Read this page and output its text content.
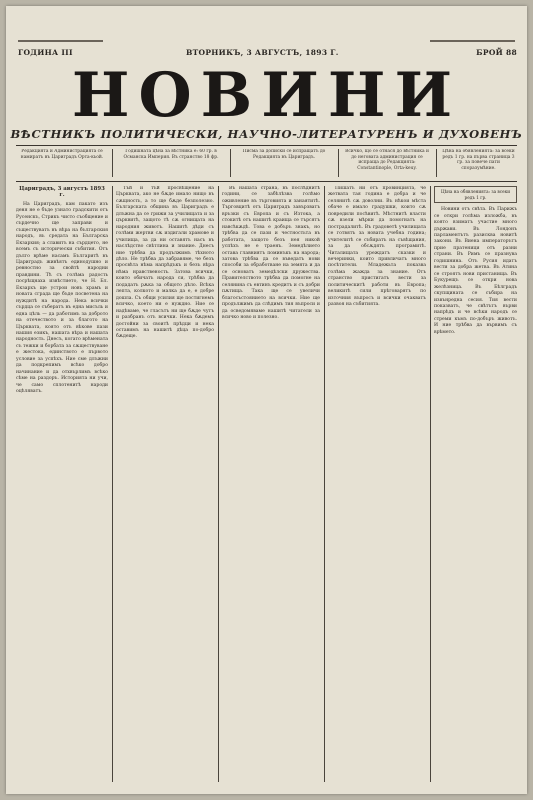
ГОДИНА III	ВТОРНИКЪ, 3 АВГУСТЪ, 1893 Г.	БРОЙ 88
НОВИНИ
ВѢСТНИКЪ ПОЛИТИЧЕСКИ, НАУЧНО-ЛИТЕРАТУРЕНЪ И ДУХОВЕНЪ
Редакцията и Администрацията се намиратъ въ Цариградъ Орта-кьой.
Годишната цѣна за вѣстника е: 60 гр. в Османска Империя. Въ странство 18 фр.
Писма за дописки се испращатъ до Редакцията въ Цариградъ.
Всичко, що се отнася до вѣстника и до неговата администрация се испраща до Редакцията: Constantinople, Orta-keuy.
Цѣна на обявленията: за всеки редъ 1 гр. на първа страница 3 гр. за повече пати споразумѣние.
Цариградъ, 3 августъ 1893 г.

На Цариградъ, кам пакато изъ деня не е бъде узнато градскити отъ Русенскъ, Стрикъ чисто съобщение и сърдечно ще заправи и съществуватъ въ вѣра на българския народъ, въ средата на Българска Екзархия; а славитъ на сърдцето, не всемъ съ исторически събития. Отъ дълго врѣме насамъ Българитѣ въ Цариградъ живѣятъ единодушно и ревностно за свойтѣ народни правдини. Тѣ съ голѣма радость посрѣщнаха извѣстието, че Н. Бл. Екзархъ ще устрои новъ храмъ и новата сграда ще бъде посветена на нуждитѣ на народа. Нека всички сърдца се събератъ въ една мисъль и една цѣль — да работимъ за доброто на отечеството и за благото на Църквата, която отъ вѣкове пази нашия езикъ, нашата вѣра и нашата народность. Днесъ, когато врѣмената съ тежки и борбата за сѫществуване е жестока, единството е първото условие за успѣхъ. Ние сме длъжни да подкрепимъ всѣко добро начинание и да отхвърлимъ всѣко сѣмe на раздоръ. Историята ни учи, че само сплотенитѣ народи оцѣляватъ.

Тъй и тъй просвѣщение на Църквата, ако не бѫде имало нищо въ сѫщность, а то ще бѫде безполезно. Българската община въ Цариградъ е длъжна да се грижи за училищата и за църквитѣ, защото тѣ сѫ огнищата на народния животъ. Нашитѣ дѣди съ голѣми жертви сѫ издигали храмове и училища, за да ни оставятъ насъ въ наслѣдство свѣтлина и знание. Днесъ ние трѣбва да продължимъ тѣхното дѣло. Не трѣбва да забравяме, че безъ просвѣта нѣма напрѣдъкъ и безъ вѣра нѣма нравственость. Затова всички, които обичатъ народа си, трѣбва да подадатъ рѫка за общото дѣло. Всѣка лепта, колкото и малка да е, е добре дошла. Съ общи усилия ще постигнемъ всичко, което ни е нуждно. Ние се надѣваме, че гласътъ ни ще бѫде чутъ и разбранъ отъ всички. Нека бѫдемъ достойни за своитѣ прѣдци и нека оставимъ на нашитѣ дѣца по-добро бѫдеще.

Въ нашата страна, въ послѣднитѣ години, се забѣлѣзва голѣмо оживление въ търговията и занаятитѣ. Търговцитѣ отъ Цариградъ завързватъ връзки съ Европа и съ Изтока, а стокитѣ отъ нашитѣ краища се търсятъ навсѣкѫдѣ. Това е добъръ знакъ, но трѣбва да се пази и честностьта въ работата, защото безъ нея никой успѣхъ не е траенъ. Земедѣлието остава главниятъ поминъкъ на народа; затова трѣбва да се въведатъ нови способи за обработване на земята и да се основатъ земедѣлски дружества. Правителството трѣбва да помогне на селянина съ евтинъ кредитъ и съ добри пѫтища. Така ще се увеличи благосъстоянието на всички. Ние ще продължимъ да слѣдимъ тия въпроси и да осведомяваме нашитѣ читатели за всичко ново и полезно.

Пишатъ ни отъ провинцията, че жетвата тая година е добра и че селянитѣ сѫ доволни. Въ нѣкои мѣста обаче е имало градушки, които сѫ повредили посѣвитѣ. Мѣстнитѣ власти сѫ взели мѣрки да помогнатъ на пострадалитѣ. Въ градоветѣ училищата се готвятъ за новата учебна година; учителитѣ се събиратъ на съвѣщания, за да обсѫдятъ програмитѣ. Читалищата уреждатъ сказки и вечеринки, които привличатъ много посѣтители. Младежьта показва голѣма жажда за знание. Отъ странство пристигатъ вести за политическитѣ работи въ Европа; великитѣ сили прѣговарятъ по източния въпросъ и всички очакватъ развоя на събитията.

Цѣна на обявленията: за всеки редъ 1 гр.

Новини отъ свѣта. Въ Парижъ се откри голѣма изложба, въ която взиматъ участие много държави. Въ Лондонъ парламентътъ разисква новитѣ закони. Въ Виена императорътъ прие пратеници отъ разни страни. Въ Римъ се празнува годишнина. Отъ Русия идатъ вести за добра жетва. Въ Атина се строятъ нови пристанища. Въ Букурещъ се откри нова желѣзница. Въ Бѣлградъ скупщината се събира на извънредна сесия. Тия вести показватъ, че свѣтътъ върви напрѣдъ и че всѣки народъ се стреми къмъ по-добъръ животъ. И ние трѣбва да вървимъ съ врѣмето.
